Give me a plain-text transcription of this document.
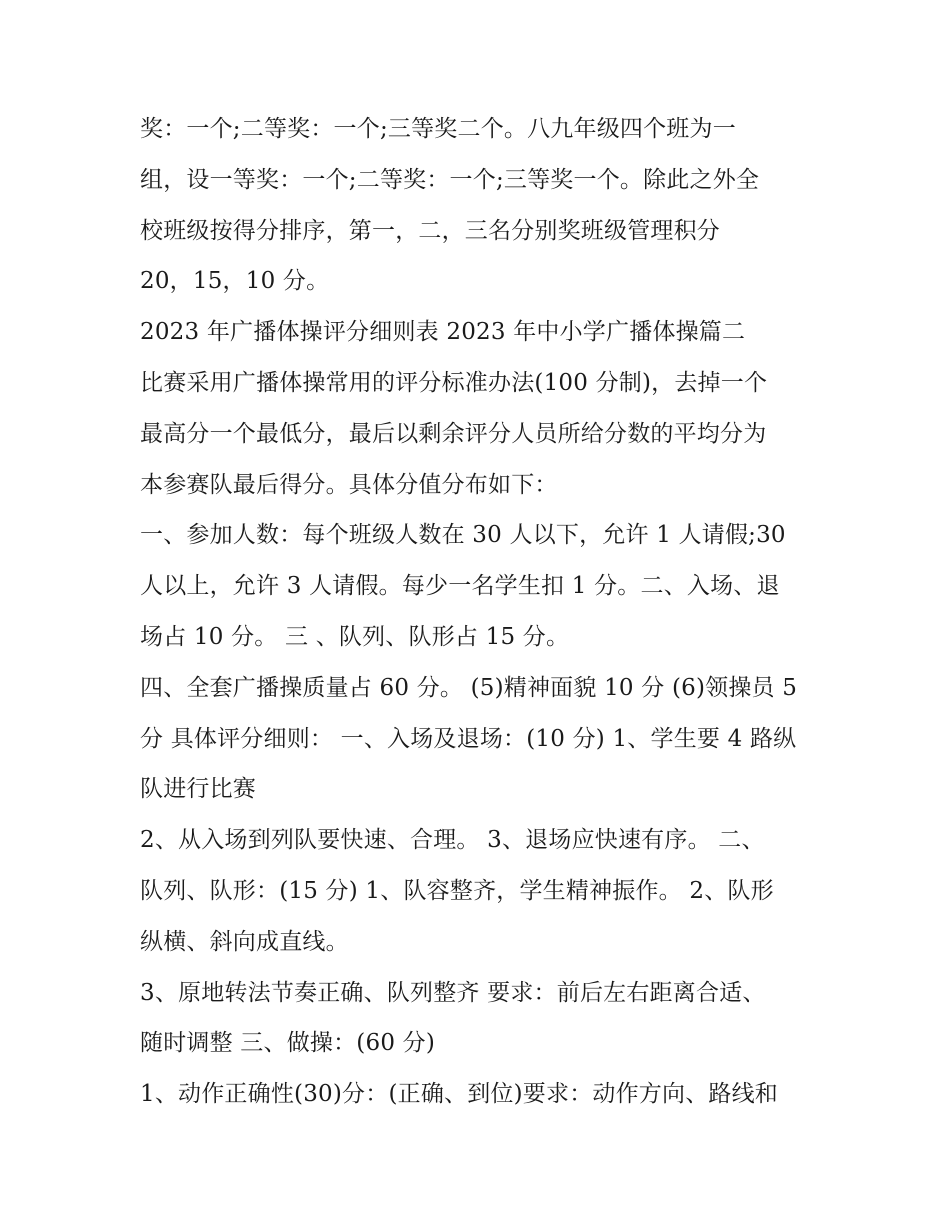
奖：一个;二等奖：一个;三等奖二个。八九年级四个班为一
组，设一等奖：一个;二等奖：一个;三等奖一个。除此之外全
校班级按得分排序，第一，二，三名分别奖班级管理积分
20，15，10 分。
2023 年广播体操评分细则表 2023 年中小学广播体操篇二
比赛采用广播体操常用的评分标准办法(100 分制)，去掉一个
最高分一个最低分，最后以剩余评分人员所给分数的平均分为
本参赛队最后得分。具体分值分布如下：
一、参加人数：每个班级人数在 30 人以下，允许 1 人请假;30
人以上，允许 3 人请假。每少一名学生扣 1 分。二、入场、退
场占 10 分。 三 、队列、队形占 15 分。
四、全套广播操质量占 60 分。 (5)精神面貌 10 分 (6)领操员 5
分 具体评分细则： 一、入场及退场：(10 分) 1、学生要 4 路纵
队进行比赛
2、从入场到列队要快速、合理。 3、退场应快速有序。 二、
队列、队形：(15 分) 1、队容整齐，学生精神振作。 2、队形
纵横、斜向成直线。
3、原地转法节奏正确、队列整齐 要求：前后左右距离合适、
随时调整 三、做操：(60 分)
1、动作正确性(30)分：(正确、到位)要求：动作方向、路线和
